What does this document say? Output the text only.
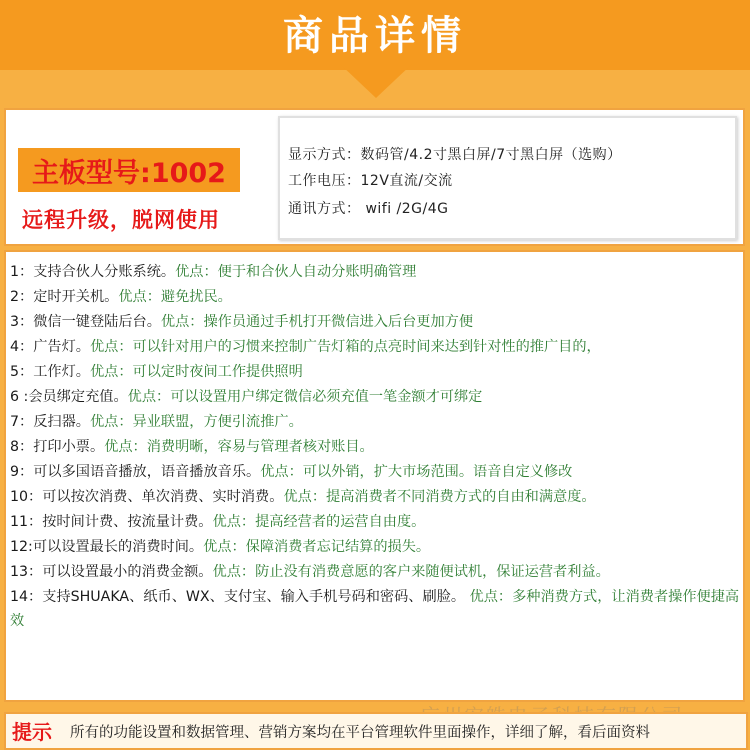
商品详情
主板型号:1002
远程升级，脱网使用
显示方式：数码管/4.2寸黑白屏/7寸黑白屏（选购）
工作电压：12V直流/交流
通讯方式： wifi /2G/4G
1：支持合伙人分账系统。优点：便于和合伙人自动分账明确管理
2：定时开关机。优点：避免扰民。
3：微信一键登陆后台。优点：操作员通过手机打开微信进入后台更加方便
4：广告灯。优点：可以针对用户的习惯来控制广告灯箱的点亮时间来达到针对性的推广目的，
5：工作灯。优点：可以定时夜间工作提供照明
6 :会员绑定充值。优点：可以设置用户绑定微信必须充值一笔金额才可绑定
7：反扫器。优点：异业联盟，方便引流推广。
8：打印小票。优点：消费明晰，容易与管理者核对账目。
9：可以多国语音播放，语音播放音乐。优点：可以外销，扩大市场范围。语音自定义修改
10：可以按次消费、单次消费、实时消费。优点：提高消费者不同消费方式的自由和满意度。
11：按时间计费、按流量计费。优点：提高经营者的运营自由度。
12:可以设置最长的消费时间。优点：保障消费者忘记结算的损失。
13：可以设置最小的消费金额。优点：防止没有消费意愿的客户来随便试机，保证运营者利益。
14：支持SHUAKA、纸币、WX、支付宝、输入手机号码和密码、刷脸。 优点：多种消费方式，让消费者操作便捷高效
提示 所有的功能设置和数据管理、营销方案均在平台管理软件里面操作，详细了解，看后面资料
